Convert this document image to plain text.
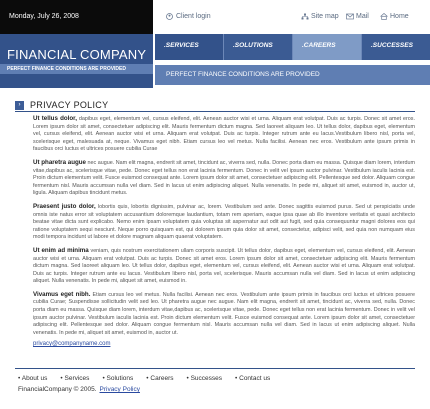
Monday, July 26, 2008	Client login	Site map Mail	Home
FINANCIAL COMPANY
PERFECT FINANCE CONDITIONS ARE PROVIDED
.SERVICES	.SOLUTIONS	.CAREERS	.SUCCESSES
PERFECT FINANCE CONDITIONS ARE PROVIDED
›	PRIVACY POLICY

Ut tellus dolor, dapibus eget, elementum vel, cursus eleifend, elit. Aenean auctor wisi et urna. Aliquam erat volutpat. Duis ac turpis. Donec sit amet eros. Lorem ipsum dolor sit amet, consectetuer adipiscing elit. Mauris fermentum dictum magna. Sed laoreet aliquam leo. Ut tellus dolor, dapibus eget, elementum vel, cursus eleifend, elit. Aenean auctor wisi et urna. Aliquam erat volutpat. Duis ac turpis. Integer rutrum ante eu lacus.Vestibulum libero nisl, porta vel, scelerisque eget, malesuada at, neque. Vivamus eget nibh. Etiam cursus leo vel metus. Nulla facilisi. Aenean nec eros. Vestibulum ante ipsum primis in faucibus orci luctus et ultrices posuere cubilia Curae

Ut pharetra augue nec augue. Nam elit magna, endrerit sit amet, tincidunt ac, viverra sed, nulla. Donec porta diam eu massa. Quisque diam lorem, interdum vitae,dapibus ac, scelerisque vitae, pede. Donec eget tellus non erat lacinia fermentum. Donec in velit vel ipsum auctor pulvinar. Vestibulum iaculis lacinia est. Proin dictum elementum velit. Fusce euismod consequat ante. Lorem ipsum dolor sit amet, consectetuer adipiscing elit. Pellentesque sed dolor. Aliquam congue fermentum nisl. Mauris accumsan nulla vel diam. Sed in lacus ut enim adipiscing aliquet. Nulla venenatis. In pede mi, aliquet sit amet, euismod in, auctor ut, ligula. Aliquam dapibus tincidunt metus.

Praesent justo dolor, lobortis quis, lobortis dignissim, pulvinar ac, lorem. Vestibulum sed ante. Donec sagittis euismod purus. Sed ut perspiciatis unde omnis iste natus error sit voluptatem accusantium doloremque laudantium, totam rem aperiam, eaque ipsa quae ab illo inventore veritatis et quasi architecto beatae vitae dicta sunt explicabo. Nemo enim ipsam voluptatem quia voluptas sit aspernatur aut odit aut fugit, sed quia consequuntur magni dolores eos qui ratione voluptatem sequi nesciunt. Neque porro quisquam est, qui dolorem ipsum quia dolor sit amet, consectetur, adipisci velit, sed quia non numquam eius modi tempora incidunt ut labore et dolore magnam aliquam quaerat voluptatem.

Ut enim ad minima veniam, quis nostrum exercitationem ullam corporis suscipit. Ut tellus dolor, dapibus eget, elementum vel, cursus eleifend, elit. Aenean auctor wisi et urna. Aliquam erat volutpat. Duis ac turpis. Donec sit amet eros. Lorem ipsum dolor sit amet, consectetuer adipiscing elit. Mauris fermentum dictum magna. Sed laoreet aliquam leo. Ut tellus dolor, dapibus eget, elementum vel, cursus eleifend, elit. Aenean auctor wisi et urna. Aliquam erat volutpat. Duis ac turpis. Integer rutrum ante eu lacus. Vestibulum libero nisl, porta vel, scelerisque. Mauris accumsan nulla vel diam. Sed in lacus ut enim adipiscing aliquet. Nulla venenatis. In pede mi, aliquet sit amet, euismod in.

Vivamus eget nibh. Etiam cursus leo vel metus. Nulla facilisi. Aenean nec eros. Vestibulum ante ipsum primis in faucibus orci luctus et ultrices posuere cubilia Curae; Suspendisse sollicitudin velit sed leo. Ut pharetra augue nec augue. Nam elit magna, endrerit sit amet, tincidunt ac, viverra sed, nulla. Donec porta diam eu massa. Quisque diam lorem, interdum vitae,dapibus ac, scelerisque vitae, pede. Donec eget tellus non erat lacinia fermentum. Donec in velit vel ipsum auctor pulvinar. Vestibulum iaculis lacinia est. Proin dictum elementum velit. Fusce euismod consequat ante. Lorem ipsum dolor sit amet, consectetuer adipiscing elit. Pellentesque sed dolor. Aliquam congue fermentum nisl. Mauris accumsan nulla vel diam. Sed in lacus ut enim adipiscing aliquet. Nulla venenatis. In pede mi, aliquet sit amet, euismod in, auctor ut.

privacy@companyname.com
• About us • Services • Solutions • Careers • Successes • Contact us
FinancialCompany © 2005. Privacy Policy
